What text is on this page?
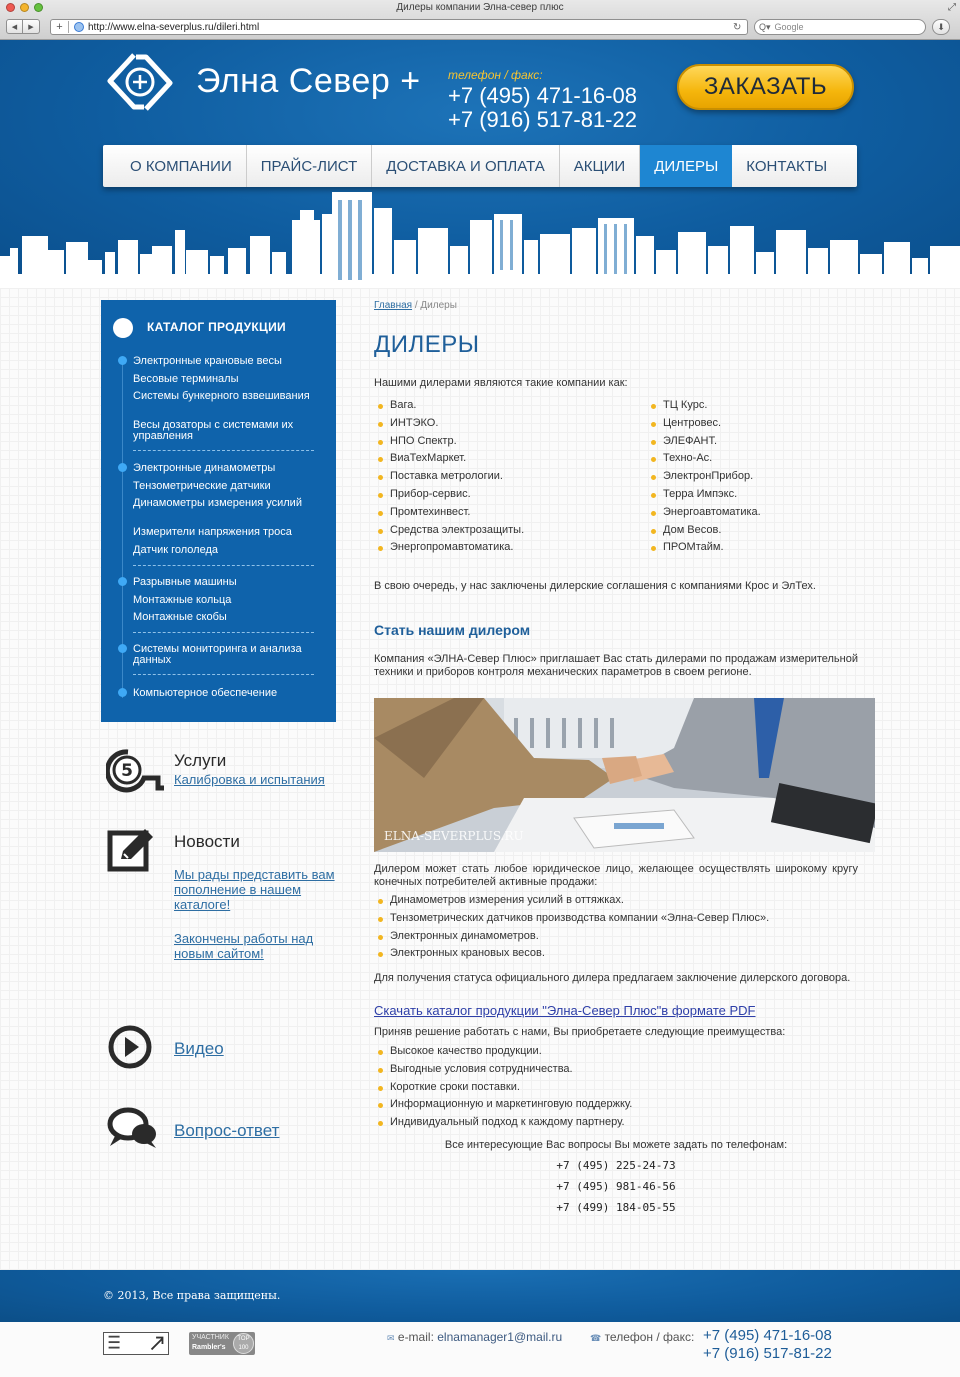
Дилеры компании Элна-север плюс	⤢
◀	▶	+	http://www.elna-severplus.ru/dileri.html	↻	Q▾ Google	⬇
Элна Север + телефон / факс:
+7 (495) 471-16-08
+7 (916) 517-81-22
ЗАКАЗАТЬ
О КОМПАНИИ	ПРАЙС-ЛИСТ	ДОСТАВКА И ОПЛАТА	АКЦИИ	ДИЛЕРЫ	КОНТАКТЫ
КАТАЛОГ ПРОДУКЦИИ
Электронные крановые весы
Весовые терминалы
Системы бункерного взвешивания
Весы дозаторы с системами их управления
Электронные динамометры
Тензометрические датчики
Динамометры измерения усилий
Измерители напряжения троса
Датчик гололеда
Разрывные машины
Монтажные кольца
Монтажные скобы
Системы мониторинга и анализа данных
Компьютерное обеспечение
5
Услуги
Калибровка и испытания
Новости
Мы рады представить вам пополнение в нашем каталоге!
Закончены работы над новым сайтом!
Видео
Вопрос-ответ
Главная / Дилеры
ДИЛЕРЫ
Нашими дилерами являются такие компании как:
Вага.
ИНТЭКО.
НПО Спектр.
ВиаТехМаркет.
Поставка метрологии.
Прибор-сервис.
Промтехинвест.
Средства электрозащиты.
Энергопромавтоматика.
ТЦ Курс.
Центровес.
ЭЛЕФАНТ.
Техно-Ас.
ЭлектронПрибор.
Терра Импэкс.
Энергоавтоматика.
Дом Весов.
ПРОМтайм.
В свою очередь, у нас заключены дилерские соглашения с компаниями Крос и ЭлТех.
Стать нашим дилером
Компания «ЭЛНА-Север Плюс» приглашает Вас стать дилерами по продажам измерительной техники и приборов контроля механических параметров в своем регионе.
ELNA-SEVERPLUS.RU
Дилером может стать любое юридическое лицо, желающее осуществлять широкому кругу конечных потребителей активные продажи:
Динамометров измерения усилий в оттяжках.
Тензометрических датчиков производства компании «Элна-Север Плюс».
Электронных динамометров.
Электронных крановых весов.
Для получения статуса официального дилера предлагаем заключение дилерского договора.
Скачать каталог продукции "Элна-Север Плюс"в формате PDF
Приняв решение работать с нами, Вы приобретаете следующие преимущества:
Высокое качество продукции.
Выгодные условия сотрудничества.
Короткие сроки поставки.
Информационную и маркетинговую поддержку.
Индивидуальный подход к каждому партнеру.
Все интересующие Вас вопросы Вы можете задать по телефонам:
+7 (495) 225-24-73
+7 (495) 981-46-56
+7 (499) 184-05-55
© 2013, Все права защищены.
УЧАСТНИК
Rambler's
TOP 100
✉ e-mail: elnamanager1@mail.ru	☎ телефон / факс: +7 (495) 471-16-08
+7 (916) 517-81-22
